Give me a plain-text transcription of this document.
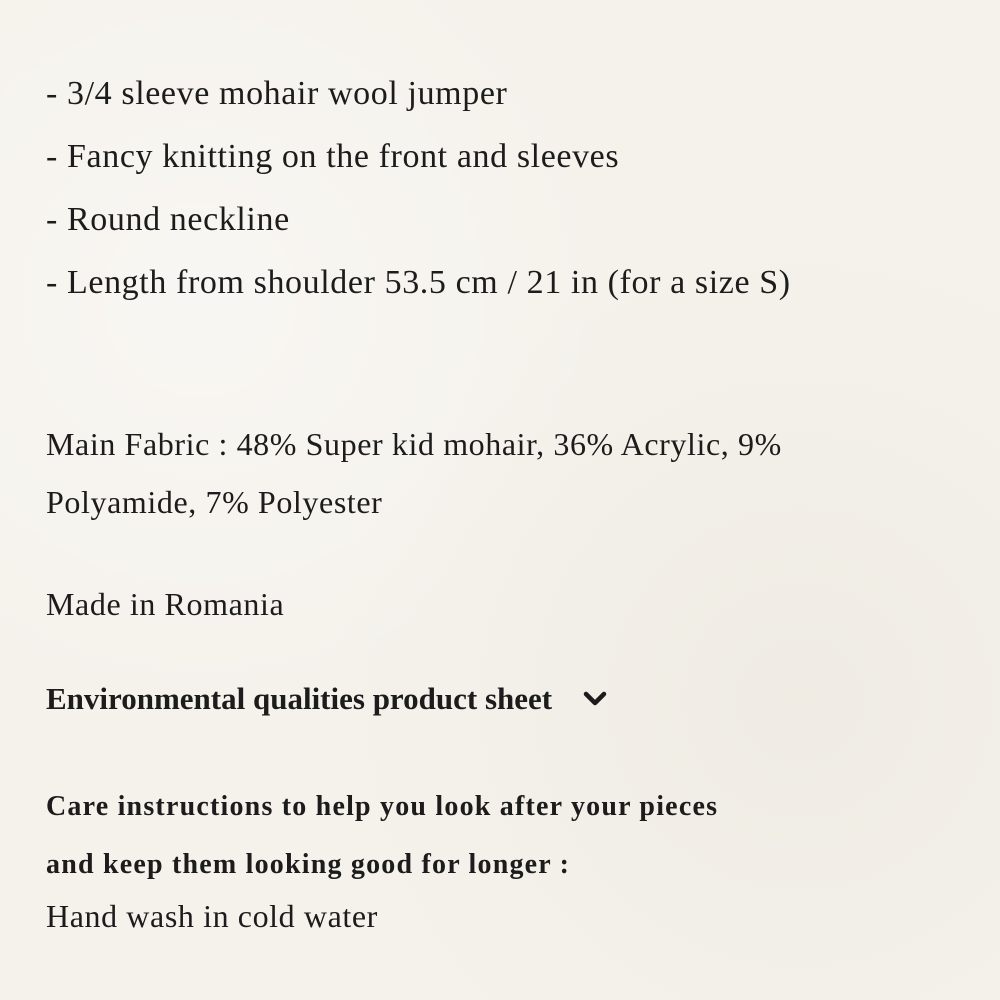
- 3/4 sleeve mohair wool jumper
- Fancy knitting on the front and sleeves
- Round neckline
- Length from shoulder 53.5 cm / 21 in (for a size S)
Main Fabric : 48% Super kid mohair, 36% Acrylic, 9%
Polyamide, 7% Polyester
Made in Romania
Environmental qualities product sheet
Care instructions to help you look after your pieces
and keep them looking good for longer :
Hand wash in cold water
